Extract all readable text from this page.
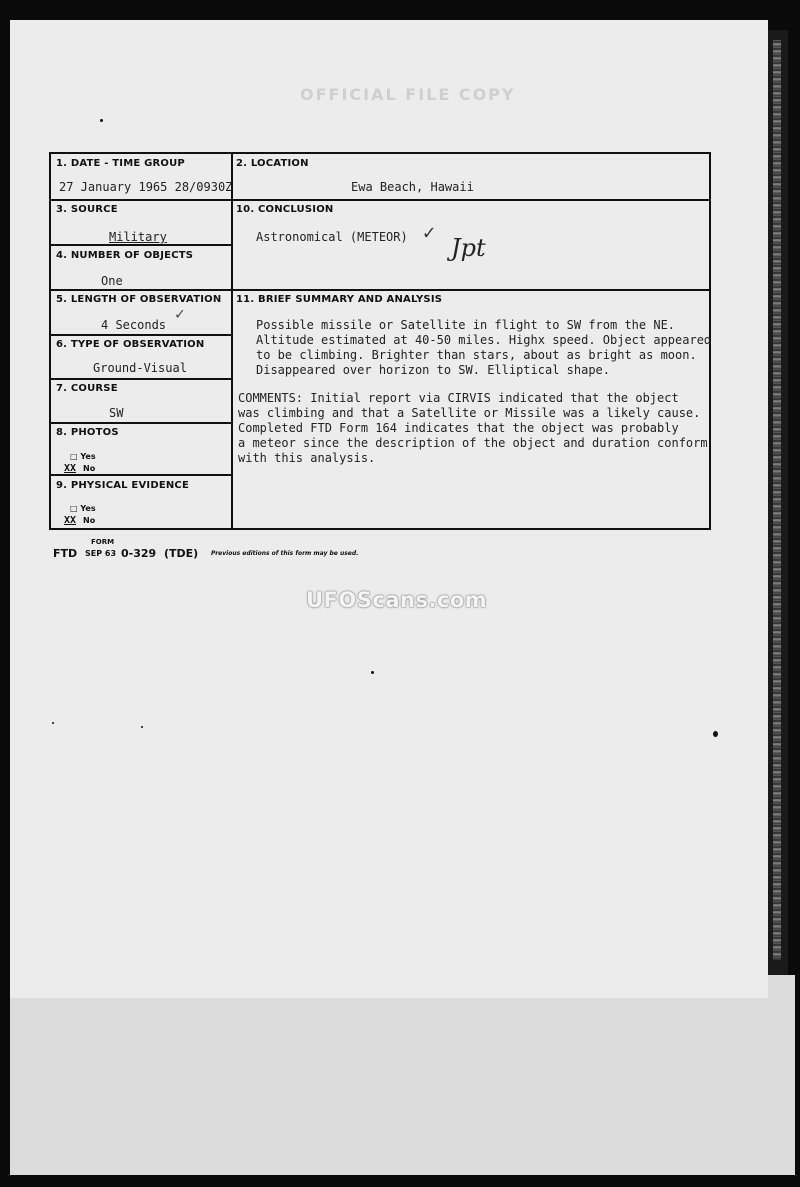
OFFICIAL FILE COPY
1. DATE - TIME GROUP
27 January 1965 28/0930Z
2. LOCATION
Ewa Beach, Hawaii
3. SOURCE
Military
10. CONCLUSION
Astronomical (METEOR) ✓
Jpt
4. NUMBER OF OBJECTS
One
5. LENGTH OF OBSERVATION
4 Seconds
✓
11. BRIEF SUMMARY AND ANALYSIS
Possible missile or Satellite in flight to SW from the NE.
Altitude estimated at 40-50 miles. Highx speed. Object appeared
to be climbing. Brighter than stars, about as bright as moon.
Disappeared over horizon to SW. Elliptical shape.
COMMENTS: Initial report via CIRVIS indicated that the object
was climbing and that a Satellite or Missile was a likely cause.
Completed FTD Form 164 indicates that the object was probably
a meteor since the description of the object and duration conform
with this analysis.
6. TYPE OF OBSERVATION
Ground-Visual
7. COURSE
SW
8. PHOTOS
□ Yes
XX No
9. PHYSICAL EVIDENCE
□ Yes
XX No
FORM
FTD SEP 63 0-329 (TDE) Previous editions of this form may be used.
UFOScans.com
